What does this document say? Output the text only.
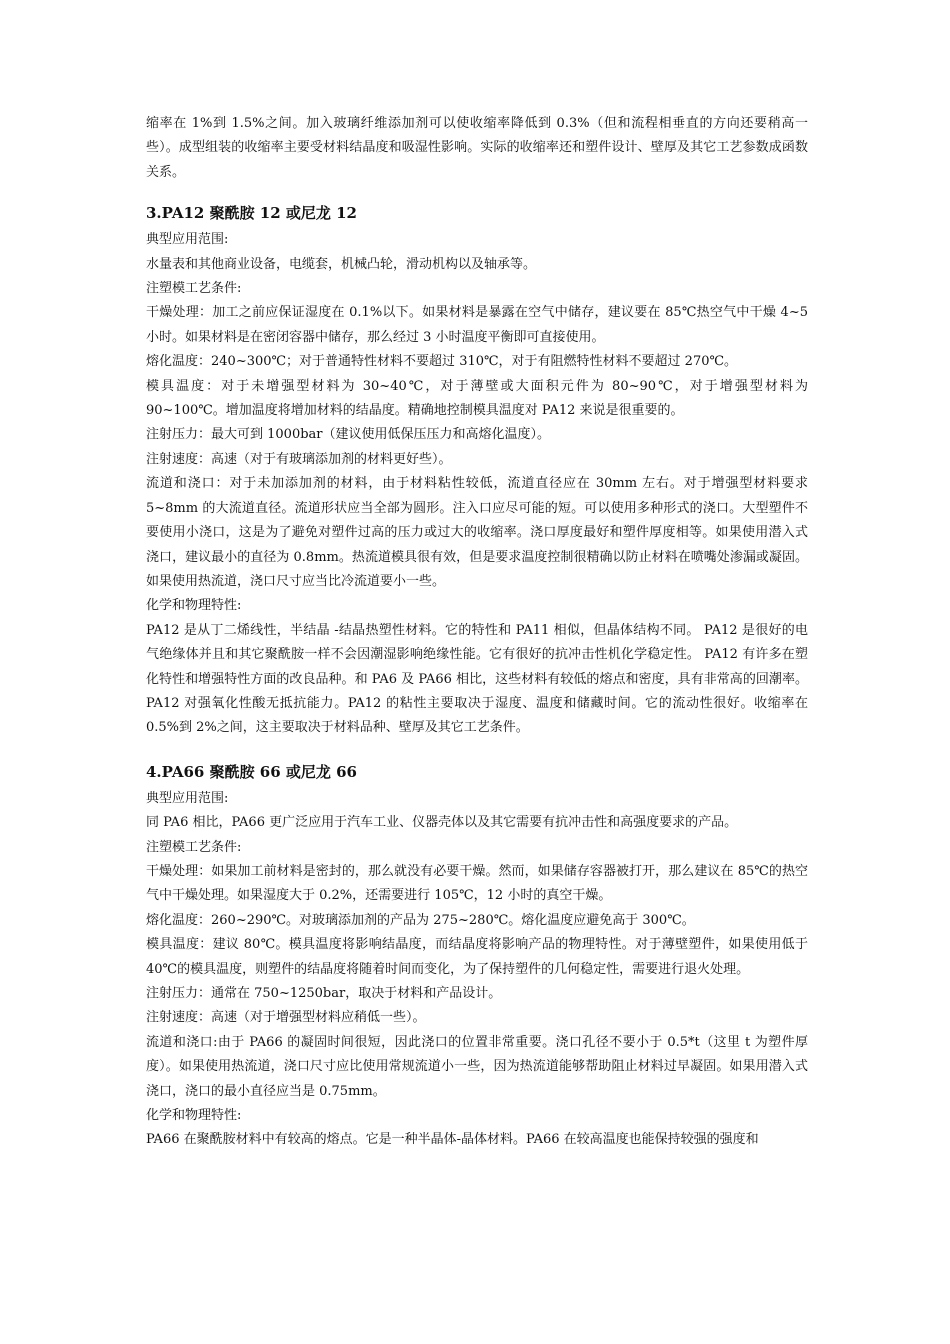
缩率在 1%到 1.5%之间。加入玻璃纤维添加剂可以使收缩率降低到 0.3%（但和流程相垂直的方向还要稍高一些）。成型组装的收缩率主要受材料结晶度和吸湿性影响。实际的收缩率还和塑件设计、壁厚及其它工艺参数成函数关系。

3.PA12 聚酰胺 12 或尼龙 12

典型应用范围:

水量表和其他商业设备，电缆套，机械凸轮，滑动机构以及轴承等。

注塑模工艺条件:

干燥处理：加工之前应保证湿度在 0.1%以下。如果材料是暴露在空气中储存，建议要在 85℃热空气中干燥 4~5 小时。如果材料是在密闭容器中储存，那么经过 3 小时温度平衡即可直接使用。

熔化温度：240~300℃；对于普通特性材料不要超过 310℃，对于有阻燃特性材料不要超过 270℃。

模具温度：对于未增强型材料为 30~40℃，对于薄壁或大面积元件为 80~90℃，对于增强型材料为 90~100℃。增加温度将增加材料的结晶度。精确地控制模具温度对 PA12 来说是很重要的。

注射压力：最大可到 1000bar（建议使用低保压压力和高熔化温度）。

注射速度：高速（对于有玻璃添加剂的材料更好些）。

流道和浇口：对于未加添加剂的材料，由于材料粘性较低，流道直径应在 30mm 左右。对于增强型材料要求 5~8mm 的大流道直径。流道形状应当全部为圆形。注入口应尽可能的短。可以使用多种形式的浇口。大型塑件不要使用小浇口，这是为了避免对塑件过高的压力或过大的收缩率。浇口厚度最好和塑件厚度相等。如果使用潜入式浇口，建议最小的直径为 0.8mm。热流道模具很有效，但是要求温度控制很精确以防止材料在喷嘴处渗漏或凝固。如果使用热流道，浇口尺寸应当比冷流道要小一些。

化学和物理特性:

PA12 是从丁二烯线性，半结晶 -结晶热塑性材料。它的特性和 PA11 相似，但晶体结构不同。 PA12 是很好的电气绝缘体并且和其它聚酰胺一样不会因潮湿影响绝缘性能。它有很好的抗冲击性机化学稳定性。 PA12 有许多在塑化特性和增强特性方面的改良品种。和 PA6 及 PA66 相比，这些材料有较低的熔点和密度，具有非常高的回潮率。 PA12 对强氧化性酸无抵抗能力。PA12 的粘性主要取决于湿度、温度和储藏时间。它的流动性很好。收缩率在 0.5%到 2%之间，这主要取决于材料品种、壁厚及其它工艺条件。

4.PA66 聚酰胺 66 或尼龙 66

典型应用范围:

同 PA6 相比，PA66 更广泛应用于汽车工业、仪器壳体以及其它需要有抗冲击性和高强度要求的产品。

注塑模工艺条件:

干燥处理：如果加工前材料是密封的，那么就没有必要干燥。然而，如果储存容器被打开，那么建议在 85℃的热空气中干燥处理。如果湿度大于 0.2%，还需要进行 105℃，12 小时的真空干燥。

熔化温度：260~290℃。对玻璃添加剂的产品为 275~280℃。熔化温度应避免高于 300℃。

模具温度：建议 80℃。模具温度将影响结晶度，而结晶度将影响产品的物理特性。对于薄壁塑件，如果使用低于 40℃的模具温度，则塑件的结晶度将随着时间而变化，为了保持塑件的几何稳定性，需要进行退火处理。

注射压力：通常在 750~1250bar，取决于材料和产品设计。

注射速度：高速（对于增强型材料应稍低一些）。

流道和浇口:由于 PA66 的凝固时间很短，因此浇口的位置非常重要。浇口孔径不要小于 0.5*t（这里 t 为塑件厚度）。如果使用热流道，浇口尺寸应比使用常规流道小一些，因为热流道能够帮助阻止材料过早凝固。如果用潜入式浇口，浇口的最小直径应当是 0.75mm。

化学和物理特性:

PA66 在聚酰胺材料中有较高的熔点。它是一种半晶体-晶体材料。PA66 在较高温度也能保持较强的强度和
